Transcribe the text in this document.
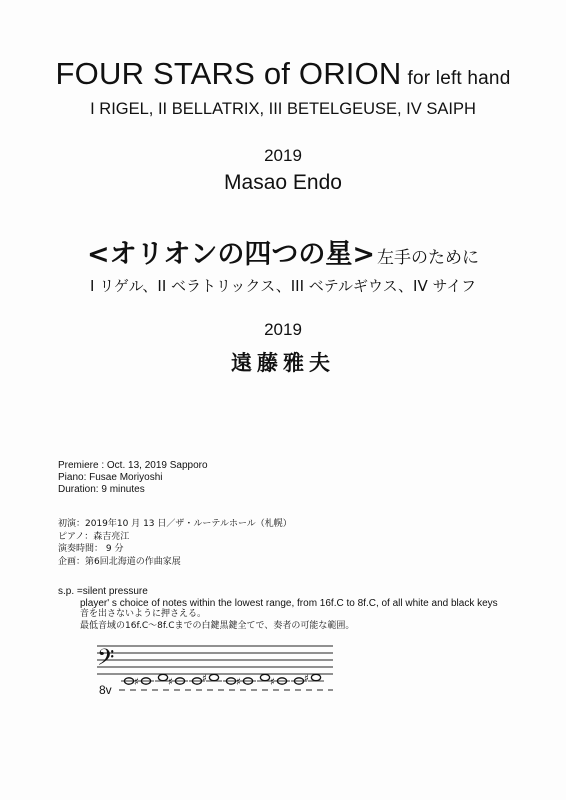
FOUR STARS of ORION for left hand
I RIGEL, II BELLATRIX, III BETELGEUSE, IV SAIPH
2019
Masao Endo
<オリオンの四つの星> 左手のために
I リゲル、II ベラトリックス、III ベテルギウス、IV サイフ
2019
遠藤雅夫
Premiere : Oct. 13, 2019 Sapporo
Piano: Fusae Moriyoshi
Duration: 9 minutes
初演：2019年10 月 13 日／ザ・ルーテルホール（札幌）
ピアノ：森吉亮江
演奏時間： 9 分
企画：第6回北海道の作曲家展
s.p. =silent pressure
player' s choice of notes within the lowest range, from 16f.C to 8f.C, of all white and black keys
音を出さないように押さえる。
最低音域の16f.C～8f.Cまでの白鍵黒鍵全てで、奏者の可能な範囲。
𝄢
♯	♯	♯	♯	♯	♯
8v
